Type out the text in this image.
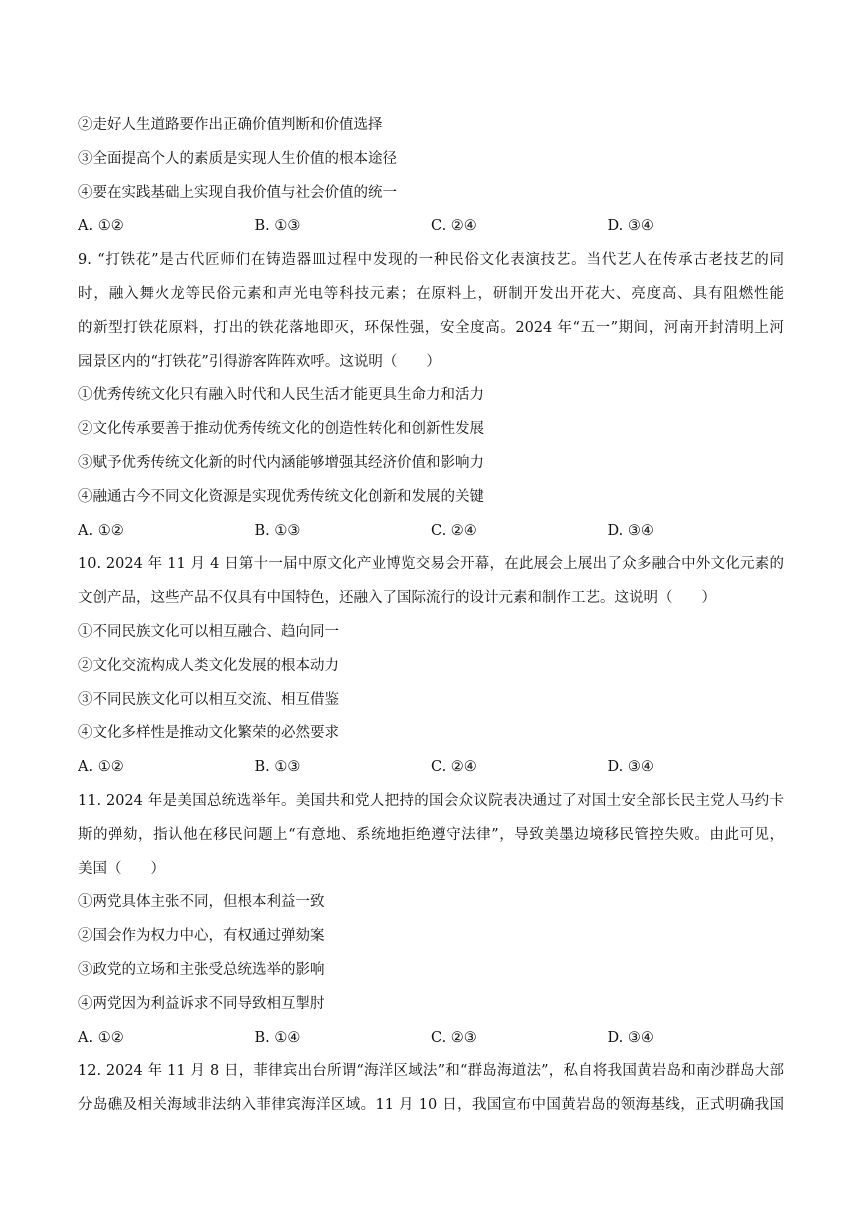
②走好人生道路要作出正确价值判断和价值选择
③全面提高个人的素质是实现人生价值的根本途径
④要在实践基础上实现自我价值与社会价值的统一
A. ①②	B. ①③	C. ②④	D. ③④
9. “打铁花”是古代匠师们在铸造器皿过程中发现的一种民俗文化表演技艺。当代艺人在传承古老技艺的同
时，融入舞火龙等民俗元素和声光电等科技元素；在原料上，研制开发出开花大、亮度高、具有阻燃性能
的新型打铁花原料，打出的铁花落地即灭，环保性强，安全度高。2024 年“五一”期间，河南开封清明上河
园景区内的“打铁花”引得游客阵阵欢呼。这说明（　　）
①优秀传统文化只有融入时代和人民生活才能更具生命力和活力
②文化传承要善于推动优秀传统文化的创造性转化和创新性发展
③赋予优秀传统文化新的时代内涵能够增强其经济价值和影响力
④融通古今不同文化资源是实现优秀传统文化创新和发展的关键
A. ①②	B. ①③	C. ②④	D. ③④
10. 2024 年 11 月 4 日第十一届中原文化产业博览交易会开幕，在此展会上展出了众多融合中外文化元素的
文创产品，这些产品不仅具有中国特色，还融入了国际流行的设计元素和制作工艺。这说明（　　）
①不同民族文化可以相互融合、趋向同一
②文化交流构成人类文化发展的根本动力
③不同民族文化可以相互交流、相互借鉴
④文化多样性是推动文化繁荣的必然要求
A. ①②	B. ①③	C. ②④	D. ③④
11. 2024 年是美国总统选举年。美国共和党人把持的国会众议院表决通过了对国土安全部长民主党人马约卡
斯的弹劾，指认他在移民问题上“有意地、系统地拒绝遵守法律”，导致美墨边境移民管控失败。由此可见，
美国（　　）
①两党具体主张不同，但根本利益一致
②国会作为权力中心，有权通过弹劾案
③政党的立场和主张受总统选举的影响
④两党因为利益诉求不同导致相互掣肘
A. ①②	B. ①④	C. ②③	D. ③④
12. 2024 年 11 月 8 日，菲律宾出台所谓“海洋区域法”和“群岛海道法”，私自将我国黄岩岛和南沙群岛大部
分岛礁及相关海域非法纳入菲律宾海洋区域。11 月 10 日，我国宣布中国黄岩岛的领海基线，正式明确我国
